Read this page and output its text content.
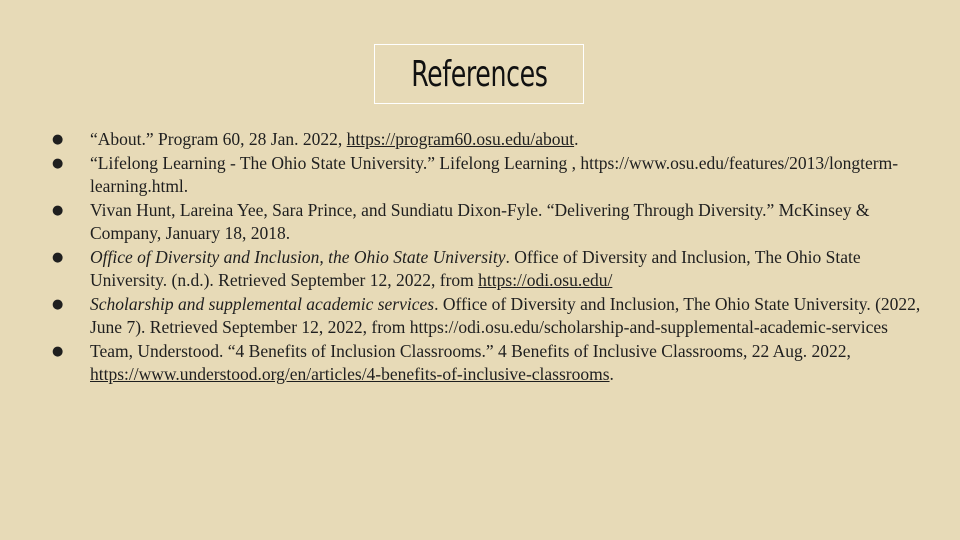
References
● “About.” Program 60, 28 Jan. 2022, https://program60.osu.edu/about.
● “Lifelong Learning - The Ohio State University.” Lifelong Learning , https://www.osu.edu/features/2013/longterm-learning.html.
● Vivan Hunt, Lareina Yee, Sara Prince, and Sundiatu Dixon-Fyle. “Delivering Through Diversity.” McKinsey & Company, January 18, 2018.
● Office of Diversity and Inclusion, the Ohio State University. Office of Diversity and Inclusion, The Ohio State University. (n.d.). Retrieved September 12, 2022, from https://odi.osu.edu/
● Scholarship and supplemental academic services. Office of Diversity and Inclusion, The Ohio State University. (2022, June 7). Retrieved September 12, 2022, from https://odi.osu.edu/scholarship-and-supplemental-academic-services
● Team, Understood. “4 Benefits of Inclusion Classrooms.” 4 Benefits of Inclusive Classrooms, 22 Aug. 2022, https://www.understood.org/en/articles/4-benefits-of-inclusive-classrooms.
